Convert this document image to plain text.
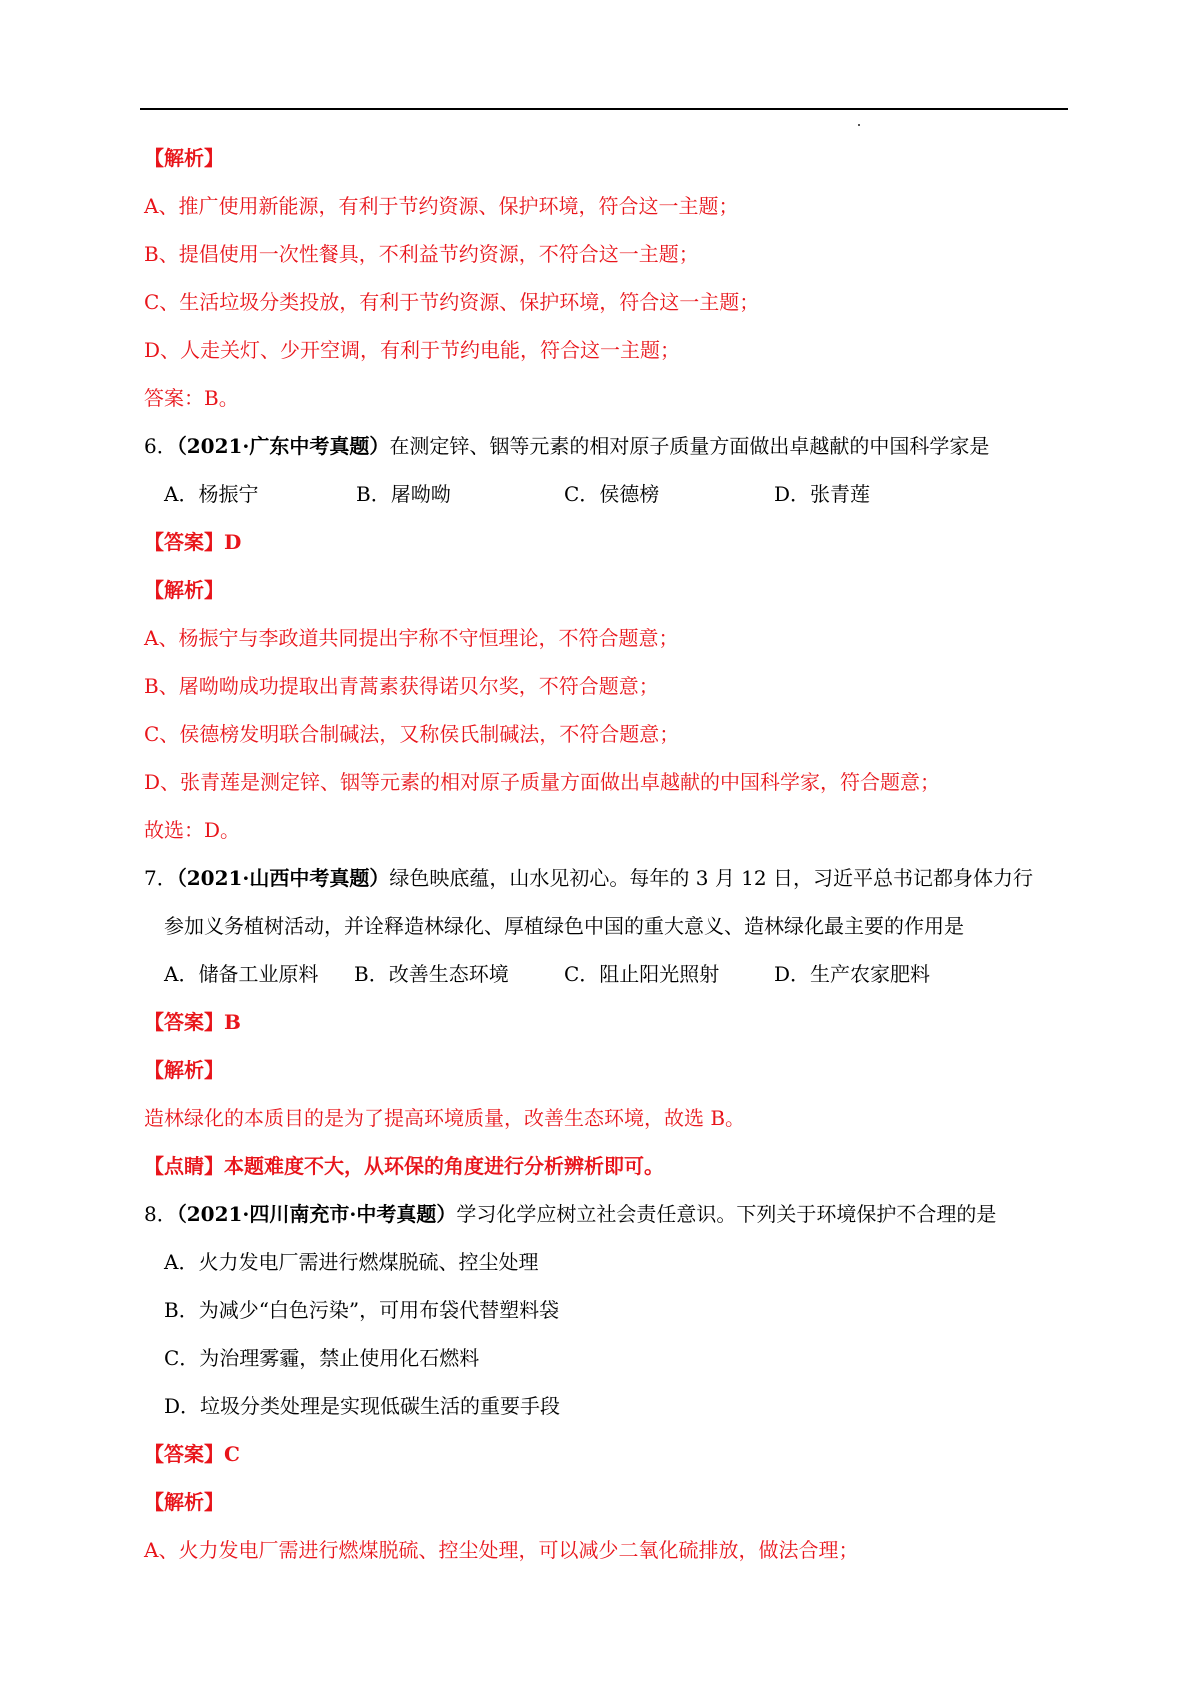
【解析】
A、推广使用新能源，有利于节约资源、保护环境，符合这一主题；
B、提倡使用一次性餐具，不利益节约资源，不符合这一主题；
C、生活垃圾分类投放，有利于节约资源、保护环境，符合这一主题；
D、人走关灯、少开空调，有利于节约电能，符合这一主题；
答案：B。
6．（2021·广东中考真题）在测定锌、铟等元素的相对原子质量方面做出卓越献的中国科学家是
A．杨振宁	B．屠呦呦	C．侯德榜	D．张青莲
【答案】D
【解析】
A、杨振宁与李政道共同提出宇称不守恒理论，不符合题意；
B、屠呦呦成功提取出青蒿素获得诺贝尔奖，不符合题意；
C、侯德榜发明联合制碱法，又称侯氏制碱法，不符合题意；
D、张青莲是测定锌、铟等元素的相对原子质量方面做出卓越献的中国科学家，符合题意；
故选：D。
7．（2021·山西中考真题）绿色映底蕴，山水见初心。每年的 3 月 12 日，习近平总书记都身体力行
参加义务植树活动，并诠释造林绿化、厚植绿色中国的重大意义、造林绿化最主要的作用是
A．储备工业原料 B．改善生态环境	C．阻止阳光照射	D．生产农家肥料
【答案】B
【解析】
造林绿化的本质目的是为了提高环境质量，改善生态环境，故选 B。
【点睛】本题难度不大，从环保的角度进行分析辨析即可。
8．（2021·四川南充市·中考真题）学习化学应树立社会责任意识。下列关于环境保护不合理的是
A．火力发电厂需进行燃煤脱硫、控尘处理
B．为减少“白色污染”，可用布袋代替塑料袋
C．为治理雾霾，禁止使用化石燃料
D．垃圾分类处理是实现低碳生活的重要手段
【答案】C
【解析】
A、火力发电厂需进行燃煤脱硫、控尘处理，可以减少二氧化硫排放，做法合理；
